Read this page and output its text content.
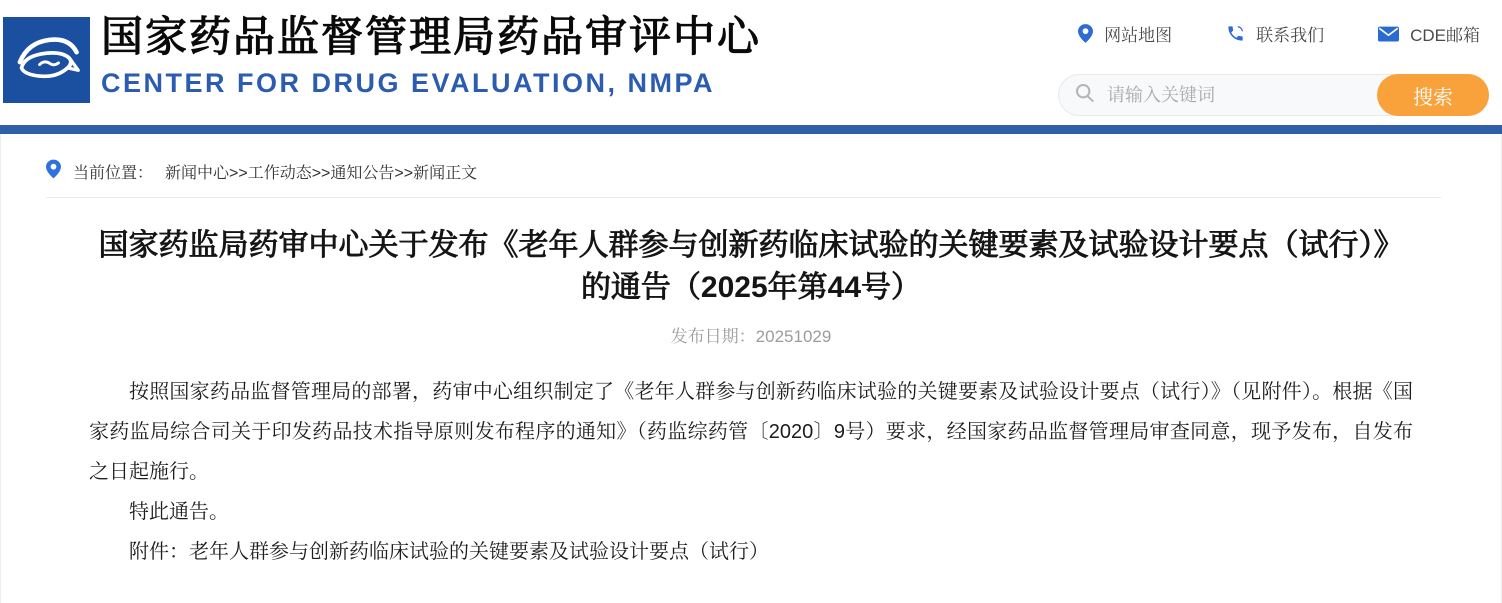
国家药品监督管理局药品审评中心
CENTER FOR DRUG EVALUATION, NMPA
网站地图	联系我们	CDE邮箱
请输入关键词
搜索
当前位置： 新闻中心>>工作动态>>通知公告>>新闻正文
国家药监局药审中心关于发布《老年人群参与创新药临床试验的关键要素及试验设计要点（试行）》
的通告（2025年第44号）
发布日期：20251029

按照国家药品监督管理局的部署，药审中心组织制定了《老年人群参与创新药临床试验的关键要素及试验设计要点（试行）》（见附件）。根据《国家药监局综合司关于印发药品技术指导原则发布程序的通知》（药监综药管〔2020〕9号）要求，经国家药品监督管理局审查同意，现予发布，自发布之日起施行。

特此通告。

附件：老年人群参与创新药临床试验的关键要素及试验设计要点（试行）
